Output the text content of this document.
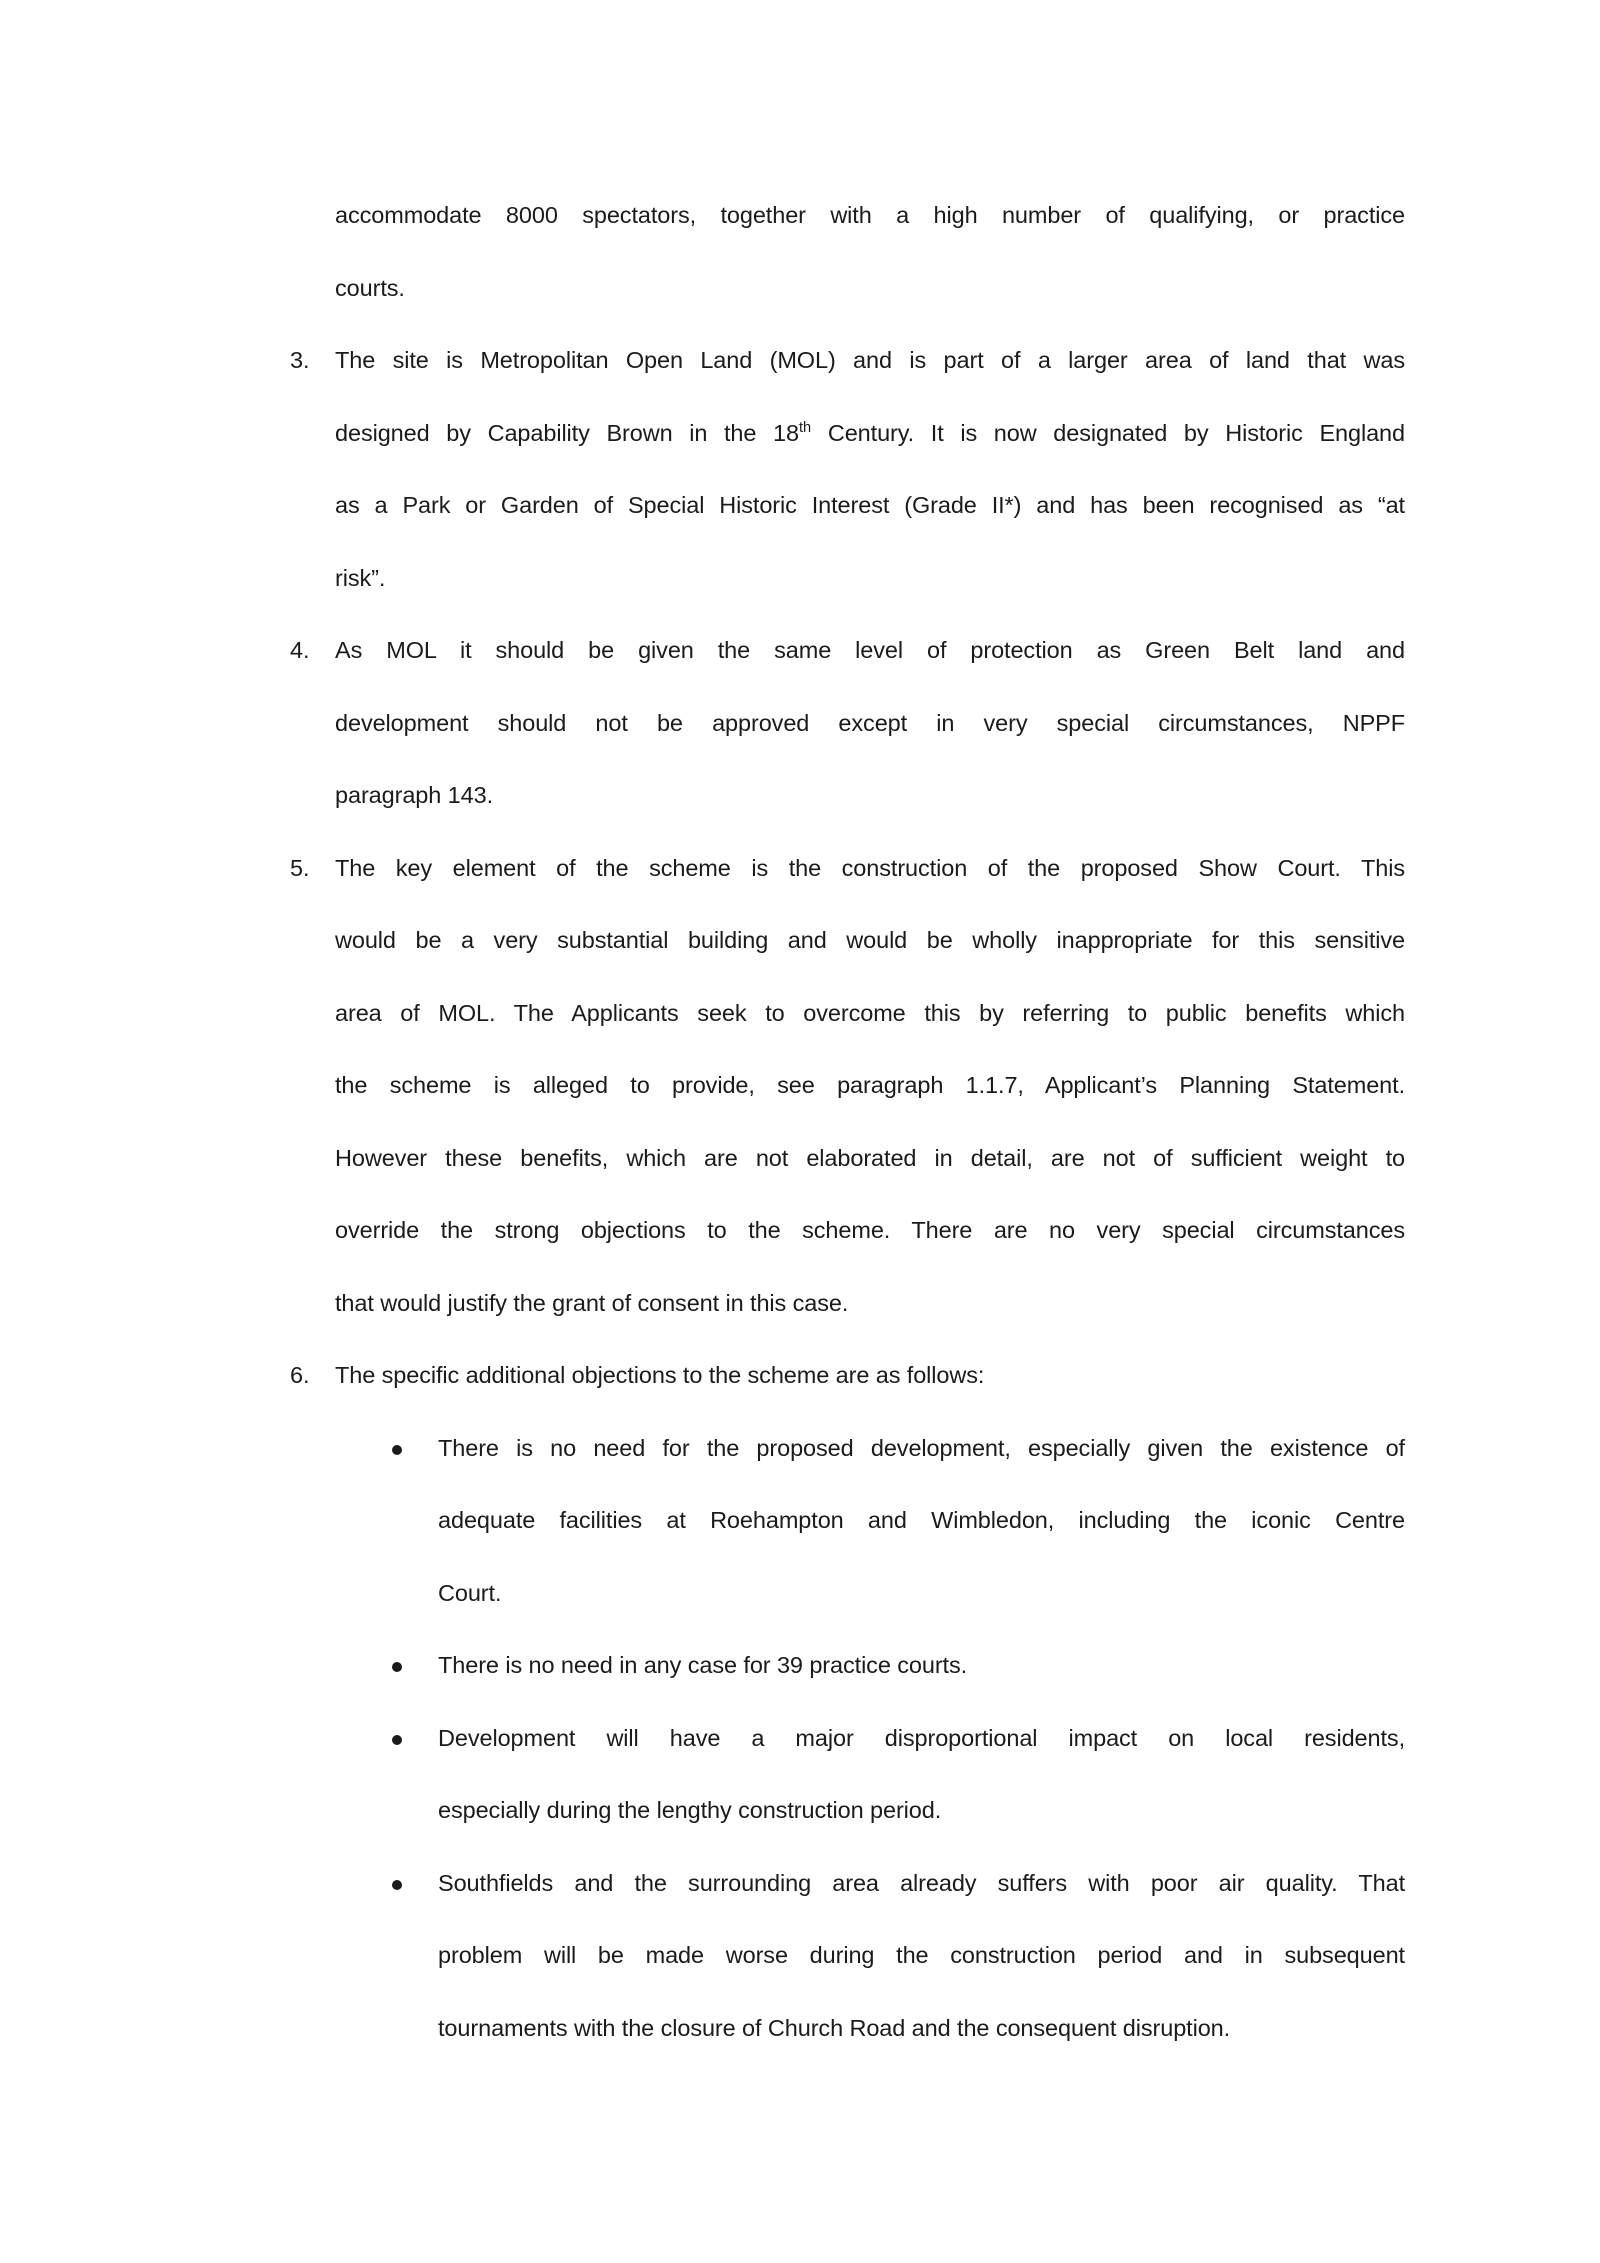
accommodate 8000 spectators, together with a high number of qualifying, or practice
courts.
3. The site is Metropolitan Open Land (MOL) and is part of a larger area of land that was
designed by Capability Brown in the 18th Century. It is now designated by Historic England
as a Park or Garden of Special Historic Interest (Grade II*) and has been recognised as “at
risk”.
4. As MOL it should be given the same level of protection as Green Belt land and
development should not be approved except in very special circumstances, NPPF
paragraph 143.
5. The key element of the scheme is the construction of the proposed Show Court. This
would be a very substantial building and would be wholly inappropriate for this sensitive
area of MOL. The Applicants seek to overcome this by referring to public benefits which
the scheme is alleged to provide, see paragraph 1.1.7, Applicant’s Planning Statement.
However these benefits, which are not elaborated in detail, are not of sufficient weight to
override the strong objections to the scheme. There are no very special circumstances
that would justify the grant of consent in this case.
6. The specific additional objections to the scheme are as follows:
There is no need for the proposed development, especially given the existence of
adequate facilities at Roehampton and Wimbledon, including the iconic Centre
Court.
There is no need in any case for 39 practice courts.
Development will have a major disproportional impact on local residents,
especially during the lengthy construction period.
Southfields and the surrounding area already suffers with poor air quality. That
problem will be made worse during the construction period and in subsequent
tournaments with the closure of Church Road and the consequent disruption.
